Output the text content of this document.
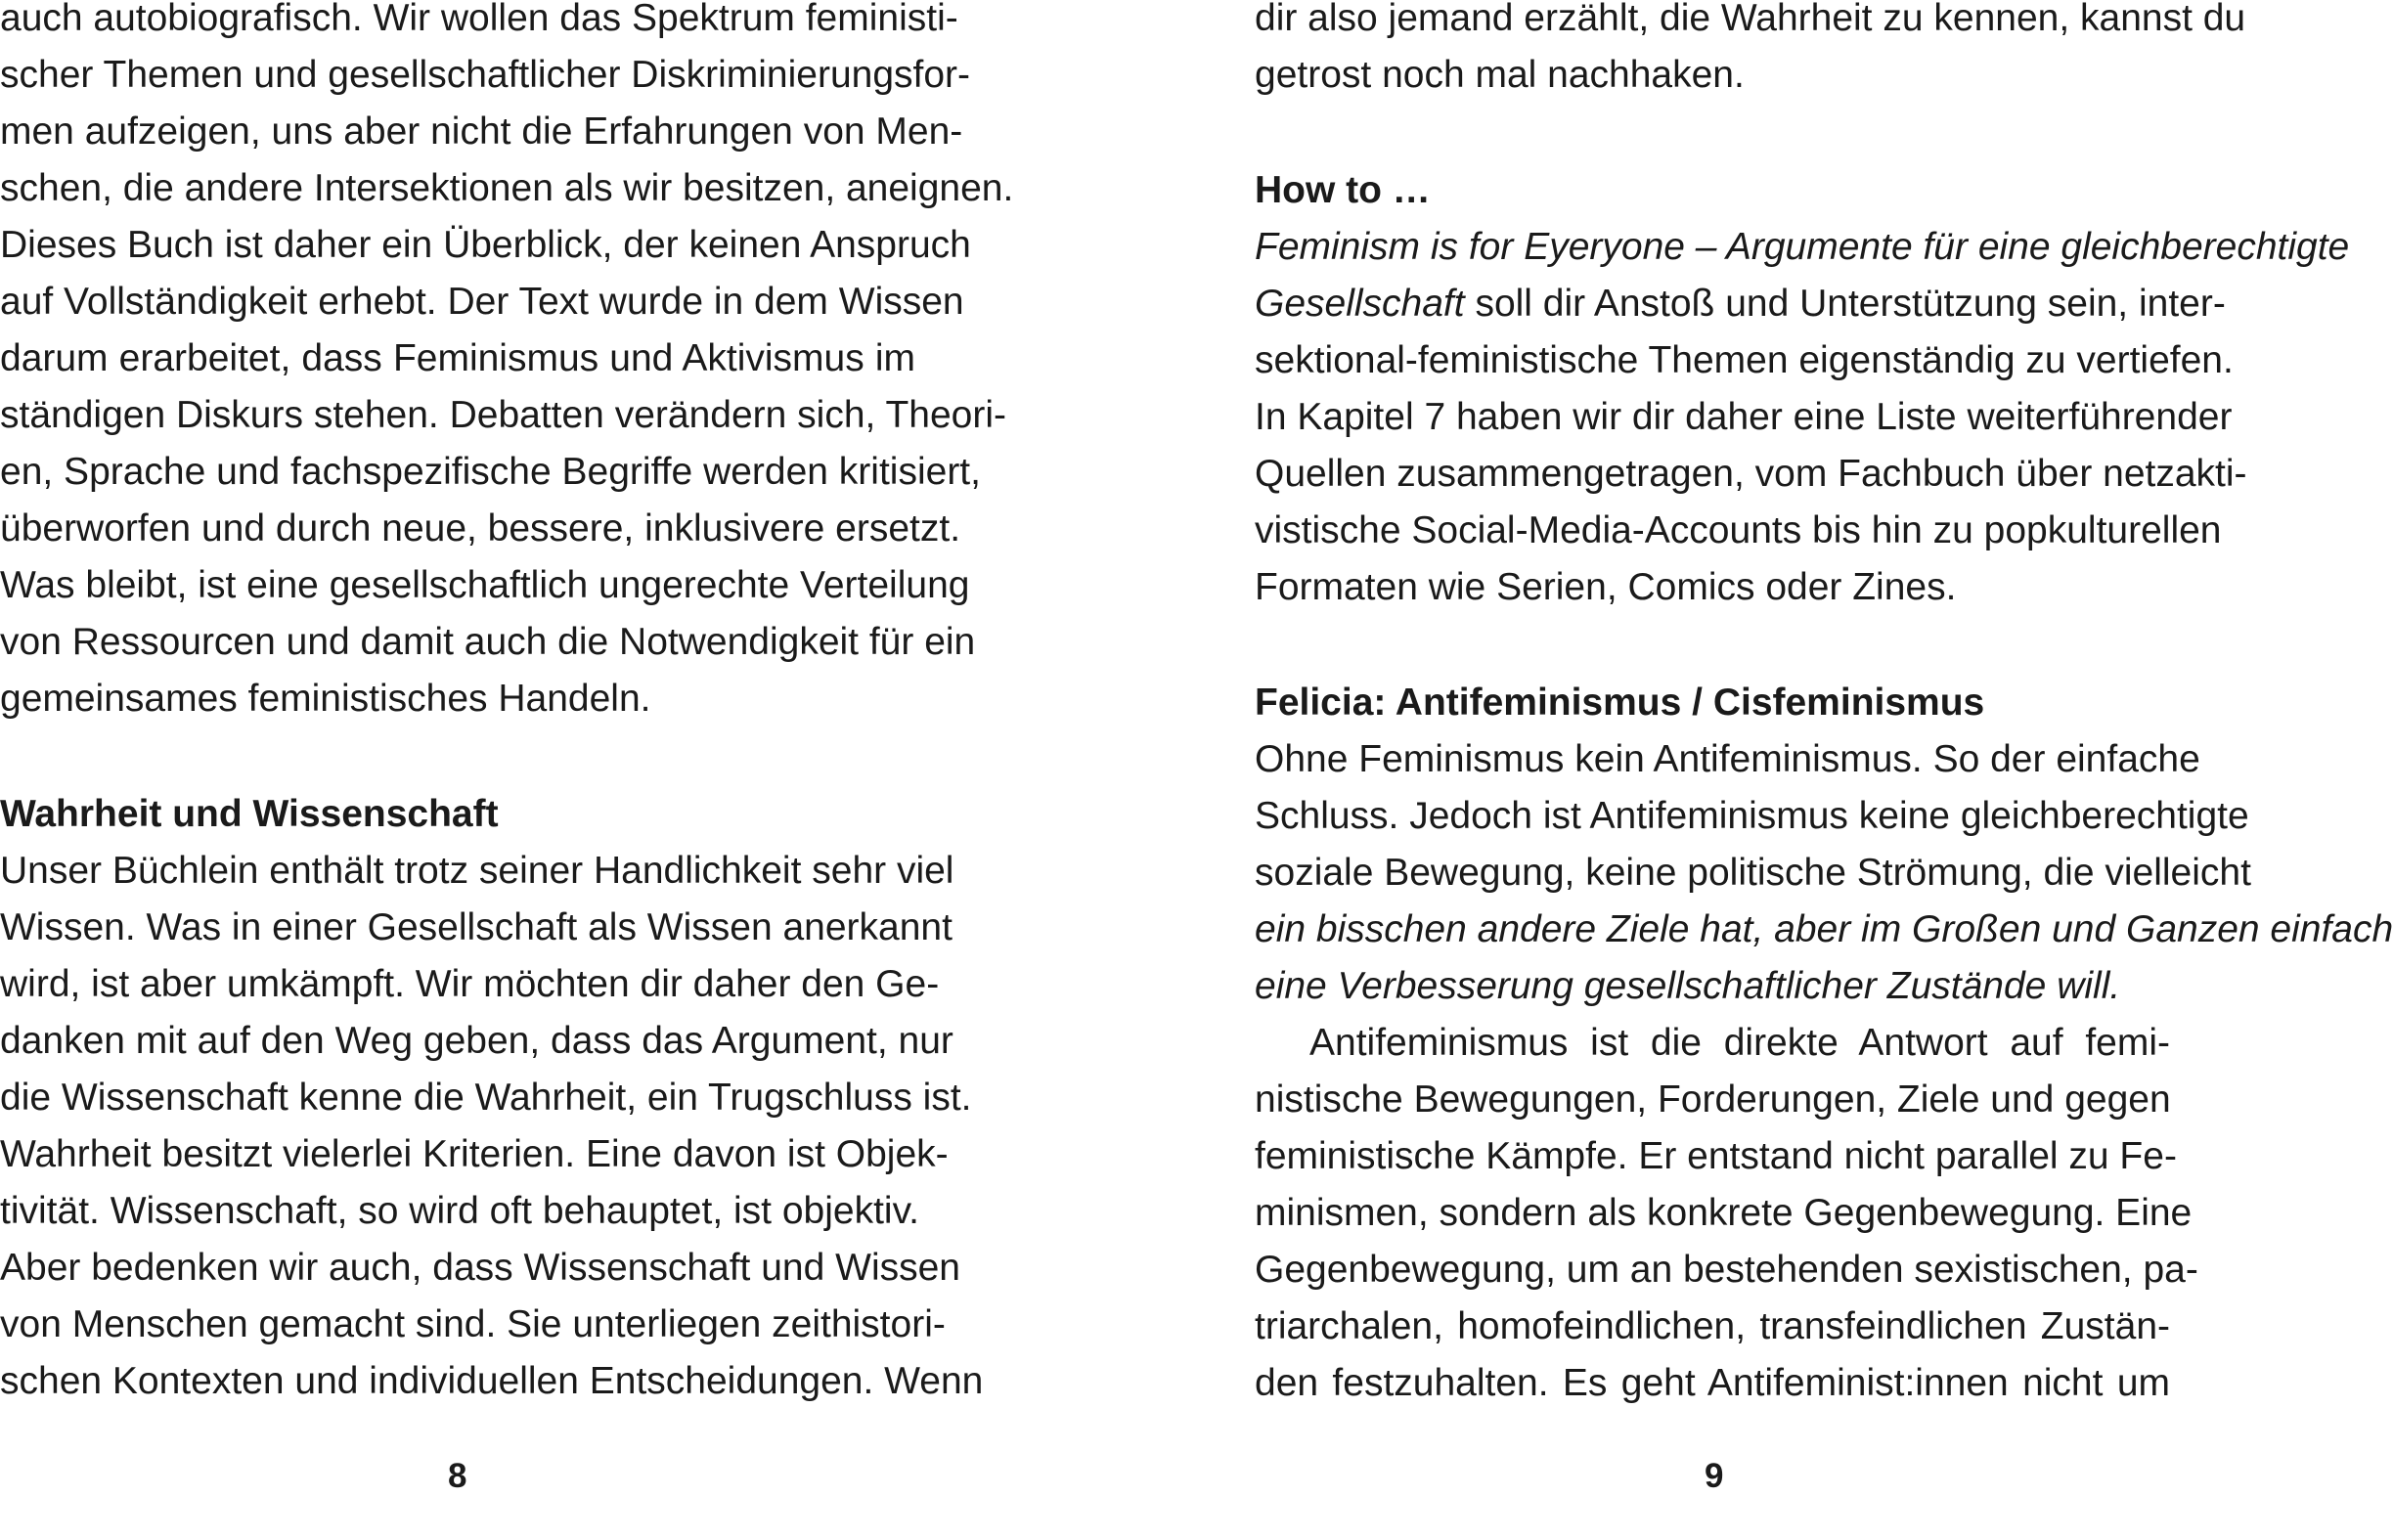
auch autobiografisch. Wir wollen das Spektrum feministi-
scher Themen und gesellschaftlicher Diskriminierungsfor-
men aufzeigen, uns aber nicht die Erfahrungen von Men-
schen, die andere Intersektionen als wir besitzen, aneignen.
Dieses Buch ist daher ein Überblick, der keinen Anspruch
auf Vollständigkeit erhebt. Der Text wurde in dem Wissen
darum erarbeitet, dass Feminismus und Aktivismus im
ständigen Diskurs stehen. Debatten verändern sich, Theori-
en, Sprache und fachspezifische Begriffe werden kritisiert,
überworfen und durch neue, bessere, inklusivere ersetzt.
Was bleibt, ist eine gesellschaftlich ungerechte Verteilung
von Ressourcen und damit auch die Notwendigkeit für ein
gemeinsames feministisches Handeln.
Wahrheit und Wissenschaft
Unser Büchlein enthält trotz seiner Handlichkeit sehr viel
Wissen. Was in einer Gesellschaft als Wissen anerkannt
wird, ist aber umkämpft. Wir möchten dir daher den Ge-
danken mit auf den Weg geben, dass das Argument, nur
die Wissenschaft kenne die Wahrheit, ein Trugschluss ist.
Wahrheit besitzt vielerlei Kriterien. Eine davon ist Objek-
tivität. Wissenschaft, so wird oft behauptet, ist objektiv.
Aber bedenken wir auch, dass Wissenschaft und Wissen
von Menschen gemacht sind. Sie unterliegen zeithistori-
schen Kontexten und individuellen Entscheidungen. Wenn
8
dir also jemand erzählt, die Wahrheit zu kennen, kannst du
getrost noch mal nachhaken.
How to …
Feminism is for Eyeryone – Argumente für eine gleichberechtigte
Gesellschaft soll dir Anstoß und Unterstützung sein, inter-
sektional-feministische Themen eigenständig zu vertiefen.
In Kapitel 7 haben wir dir daher eine Liste weiterführender
Quellen zusammengetragen, vom Fachbuch über netzakti-
vistische Social-Media-Accounts bis hin zu popkulturellen
Formaten wie Serien, Comics oder Zines.
Felicia: Antifeminismus / Cisfeminismus
Ohne Feminismus kein Antifeminismus. So der einfache
Schluss. Jedoch ist Antifeminismus keine gleichberechtigte
soziale Bewegung, keine politische Strömung, die vielleicht
ein bisschen andere Ziele hat, aber im Großen und Ganzen einfach
eine Verbesserung gesellschaftlicher Zustände will.
Antifeminismus ist die direkte Antwort auf femi-
nistische Bewegungen, Forderungen, Ziele und gegen
feministische Kämpfe. Er entstand nicht parallel zu Fe-
minismen, sondern als konkrete Gegenbewegung. Eine
Gegenbewegung, um an bestehenden sexistischen, pa-
triarchalen, homofeindlichen, transfeindlichen Zustän-
den festzuhalten. Es geht Antifeminist:innen nicht um
9
